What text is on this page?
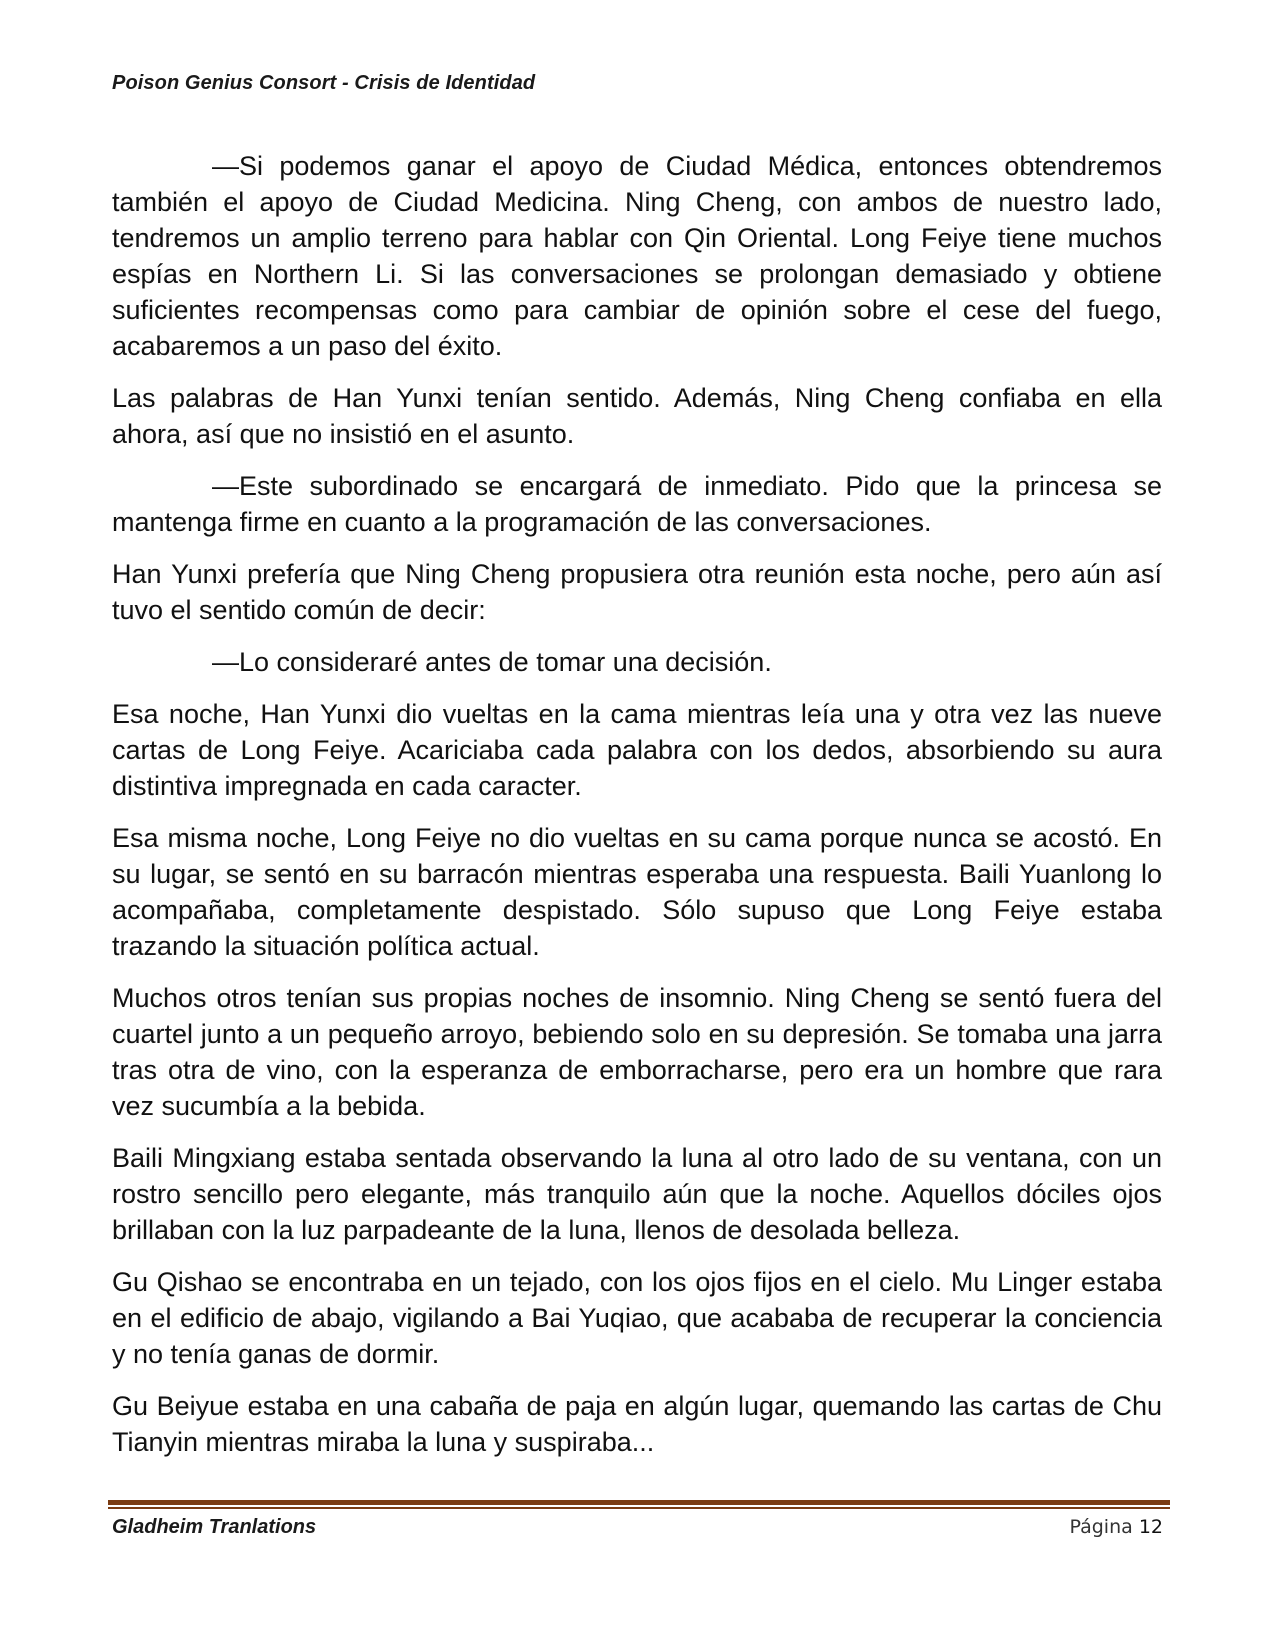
Poison Genius Consort - Crisis de Identidad

—Si podemos ganar el apoyo de Ciudad Médica, entonces obtendremos también el apoyo de Ciudad Medicina. Ning Cheng, con ambos de nuestro lado, tendremos un amplio terreno para hablar con Qin Oriental. Long Feiye tiene muchos espías en Northern Li. Si las conversaciones se prolongan demasiado y obtiene suficientes recompensas como para cambiar de opinión sobre el cese del fuego, acabaremos a un paso del éxito.

Las palabras de Han Yunxi tenían sentido. Además, Ning Cheng confiaba en ella ahora, así que no insistió en el asunto.

—Este subordinado se encargará de inmediato. Pido que la princesa se mantenga firme en cuanto a la programación de las conversaciones.

Han Yunxi prefería que Ning Cheng propusiera otra reunión esta noche, pero aún así tuvo el sentido común de decir:

—Lo consideraré antes de tomar una decisión.

Esa noche, Han Yunxi dio vueltas en la cama mientras leía una y otra vez las nueve cartas de Long Feiye. Acariciaba cada palabra con los dedos, absorbiendo su aura distintiva impregnada en cada caracter.

Esa misma noche, Long Feiye no dio vueltas en su cama porque nunca se acostó. En su lugar, se sentó en su barracón mientras esperaba una respuesta. Baili Yuanlong lo acompañaba, completamente despistado. Sólo supuso que Long Feiye estaba trazando la situación política actual.

Muchos otros tenían sus propias noches de insomnio. Ning Cheng se sentó fuera del cuartel junto a un pequeño arroyo, bebiendo solo en su depresión. Se tomaba una jarra tras otra de vino, con la esperanza de emborracharse, pero era un hombre que rara vez sucumbía a la bebida.

Baili Mingxiang estaba sentada observando la luna al otro lado de su ventana, con un rostro sencillo pero elegante, más tranquilo aún que la noche. Aquellos dóciles ojos brillaban con la luz parpadeante de la luna, llenos de desolada belleza.

Gu Qishao se encontraba en un tejado, con los ojos fijos en el cielo. Mu Linger estaba en el edificio de abajo, vigilando a Bai Yuqiao, que acababa de recuperar la conciencia y no tenía ganas de dormir.

Gu Beiyue estaba en una cabaña de paja en algún lugar, quemando las cartas de Chu Tianyin mientras miraba la luna y suspiraba...

Gladheim Tranlations	Página 12
